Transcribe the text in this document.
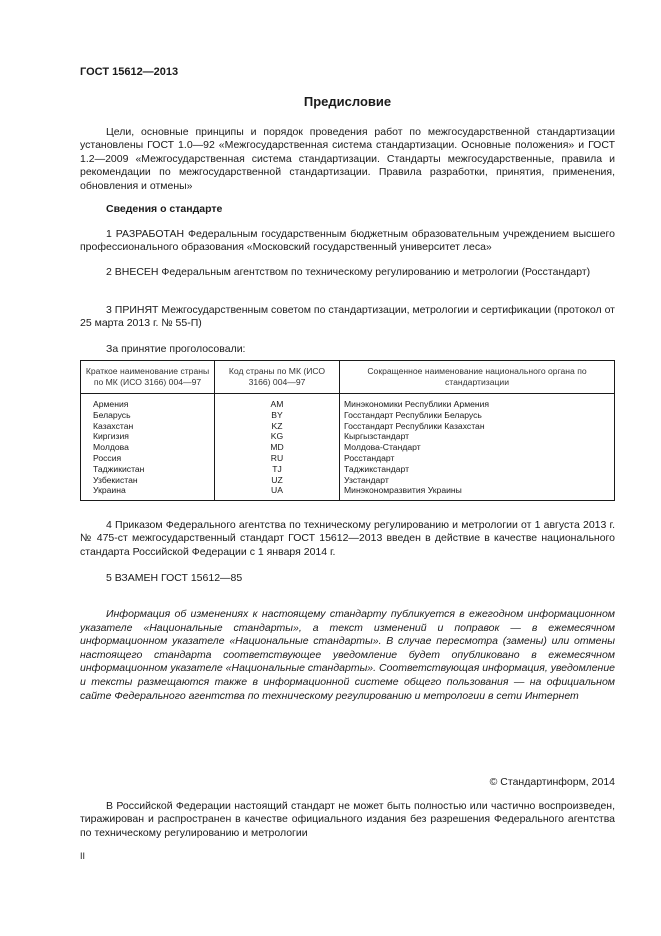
ГОСТ 15612—2013
Предисловие
Цели, основные принципы и порядок проведения работ по межгосударственной стандартизации установлены ГОСТ 1.0—92 «Межгосударственная система стандартизации. Основные положения» и ГОСТ 1.2—2009 «Межгосударственная система стандартизации. Стандарты межгосударственные, правила и рекомендации по межгосударственной стандартизации. Правила разработки, принятия, применения, обновления и отмены»
Сведения о стандарте
1 РАЗРАБОТАН Федеральным государственным бюджетным образовательным учреждением высшего профессионального образования «Московский государственный университет леса»
2 ВНЕСЕН Федеральным агентством по техническому регулированию и метрологии (Росстандарт)
3 ПРИНЯТ Межгосударственным советом по стандартизации, метрологии и сертификации (протокол от 25 марта 2013 г. № 55-П)
За принятие проголосовали:
Краткое наименование страны по МК (ИСО 3166) 004—97	Код страны по МК (ИСО 3166) 004—97	Сокращенное наименование национального органа по стандартизации
Армения	AM	Минэкономики Республики Армения
Беларусь	BY	Госстандарт Республики Беларусь
Казахстан	KZ	Госстандарт Республики Казахстан
Киргизия	KG	Кыргызстандарт
Молдова	MD	Молдова-Стандарт
Россия	RU	Росстандарт
Таджикистан	TJ	Таджикстандарт
Узбекистан	UZ	Узстандарт
Украина	UA	Минэкономразвития Украины
4 Приказом Федерального агентства по техническому регулированию и метрологии от 1 августа 2013 г. № 475-ст межгосударственный стандарт ГОСТ 15612—2013 введен в действие в качестве национального стандарта Российской Федерации с 1 января 2014 г.
5 ВЗАМЕН ГОСТ 15612—85
Информация об изменениях к настоящему стандарту публикуется в ежегодном информационном указателе «Национальные стандарты», а текст изменений и поправок — в ежемесячном информационном указателе «Национальные стандарты». В случае пересмотра (замены) или отмены настоящего стандарта соответствующее уведомление будет опубликовано в ежемесячном информационном указателе «Национальные стандарты». Соответствующая информация, уведомление и тексты размещаются также в информационной системе общего пользования — на официальном сайте Федерального агентства по техническому регулированию и метрологии в сети Интернет
© Стандартинформ, 2014
В Российской Федерации настоящий стандарт не может быть полностью или частично воспроизведен, тиражирован и распространен в качестве официального издания без разрешения Федерального агентства по техническому регулированию и метрологии
II
